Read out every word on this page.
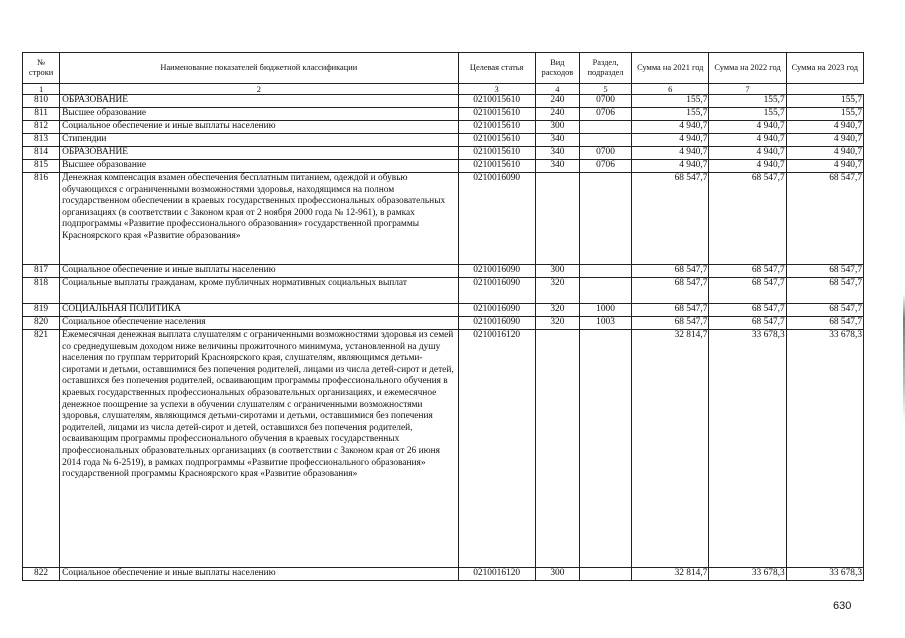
№ строки	Наименование показателей бюджетной классификации	Целевая статья	Вид расходов	Раздел, подраздел	Сумма на 2021 год	Сумма на 2022 год	Сумма на 2023 год
1	2	3	4	5	6	7	
810	ОБРАЗОВАНИЕ	0210015610	240	0700	155,7	155,7	155,7
811	Высшее образование	0210015610	240	0706	155,7	155,7	155,7
812	Социальное обеспечение и иные выплаты населению	0210015610	300		4 940,7	4 940,7	4 940,7
813	Стипендии	0210015610	340		4 940,7	4 940,7	4 940,7
814	ОБРАЗОВАНИЕ	0210015610	340	0700	4 940,7	4 940,7	4 940,7
815	Высшее образование	0210015610	340	0706	4 940,7	4 940,7	4 940,7
816	Денежная компенсация взамен обеспечения бесплатным питанием, одеждой и обувью обучающихся с ограниченными возможностями здоровья, находящимся на полном государственном обеспечении в краевых государственных профессиональных образовательных организациях (в соответствии с Законом края от 2 ноября 2000 года № 12-961), в рамках подпрограммы «Развитие профессионального образования» государственной программы Красноярского края «Развитие образования»	0210016090			68 547,7	68 547,7	68 547,7
817	Социальное обеспечение и иные выплаты населению	0210016090	300		68 547,7	68 547,7	68 547,7
818	Социальные выплаты гражданам, кроме публичных нормативных социальных выплат	0210016090	320		68 547,7	68 547,7	68 547,7
819	СОЦИАЛЬНАЯ ПОЛИТИКА	0210016090	320	1000	68 547,7	68 547,7	68 547,7
820	Социальное обеспечение населения	0210016090	320	1003	68 547,7	68 547,7	68 547,7
821	Ежемесячная денежная выплата слушателям с ограниченными возможностями здоровья из семей со среднедушевым доходом ниже величины прожиточного минимума, установленной на душу населения по группам территорий Красноярского края, слушателям, являющимся детьми-сиротами и детьми, оставшимися без попечения родителей, лицами из числа детей-сирот и детей, оставшихся без попечения родителей, осваивающим программы профессионального обучения в краевых государственных профессиональных образовательных организациях, и ежемесячное денежное поощрение за успехи в обучении слушателям с ограниченными возможностями здоровья, слушателям, являющимся детьми-сиротами и детьми, оставшимися без попечения родителей, лицами из числа детей-сирот и детей, оставшихся без попечения родителей, осваивающим программы профессионального обучения в краевых государственных профессиональных образовательных организациях (в соответствии с Законом края от 26 июня 2014 года № 6-2519), в рамках подпрограммы «Развитие профессионального образования» государственной программы Красноярского края «Развитие образования»	0210016120			32 814,7	33 678,3	33 678,3
822	Социальное обеспечение и иные выплаты населению	0210016120	300		32 814,7	33 678,3	33 678,3
630
